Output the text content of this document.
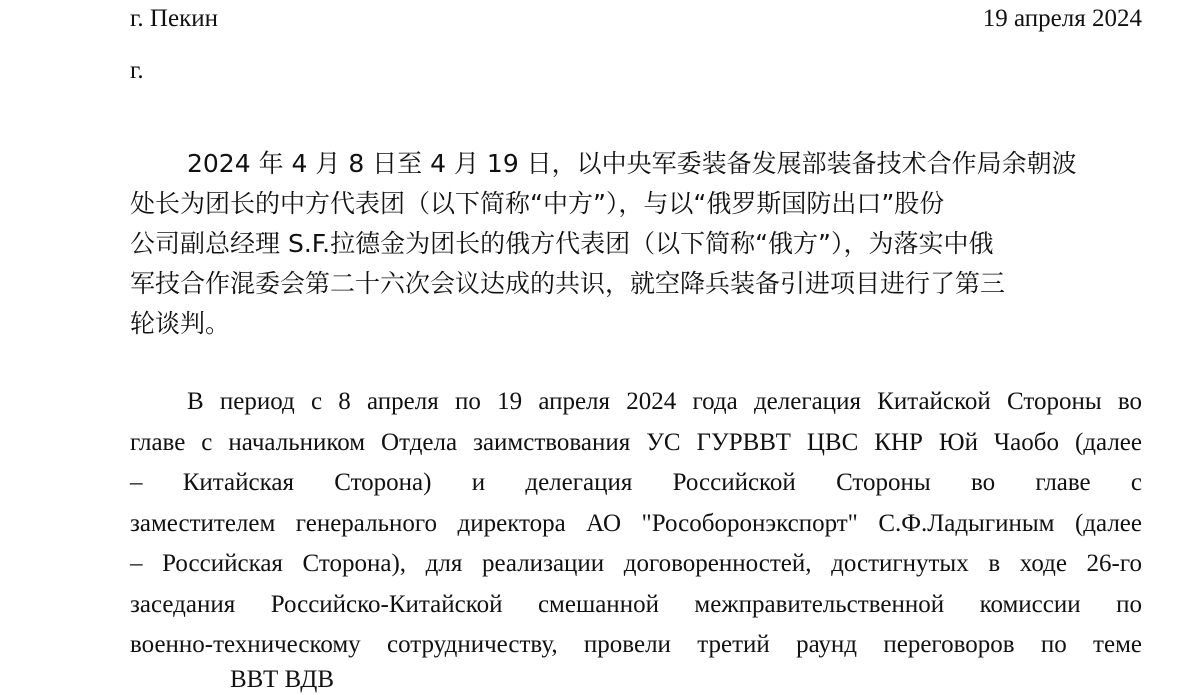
г. Пекин
г.
19 апреля 2024
2024 年 4 月 8 日至 4 月 19 日，以中央军委装备发展部装备技术合作局余朝波
处长为团长的中方代表团（以下简称“中方”），与以“俄罗斯国防出口”股份
公司副总经理 S.F.拉德金为团长的俄方代表团（以下简称“俄方”），为落实中俄
军技合作混委会第二十六次会议达成的共识，就空降兵装备引进项目进行了第三
轮谈判。
В период с 8 апреля по 19 апреля 2024 года делегация Китайской Стороны во
главе с начальником Отдела заимствования УС ГУРВВТ ЦВС КНР Юй Чаобо (далее
– Китайская Сторона) и делегация Российской Стороны во главе с
заместителем генерального директора АО "Рособоронэкспорт" С.Ф.Ладыгиным (далее
– Российская Сторона), для реализации договоренностей, достигнутых в ходе 26-го
заседания Российско-Китайской смешанной межправительственной комиссии по
военно-техническому сотрудничеству, провели третий раунд переговоров по теме
ВВТ ВДВ
